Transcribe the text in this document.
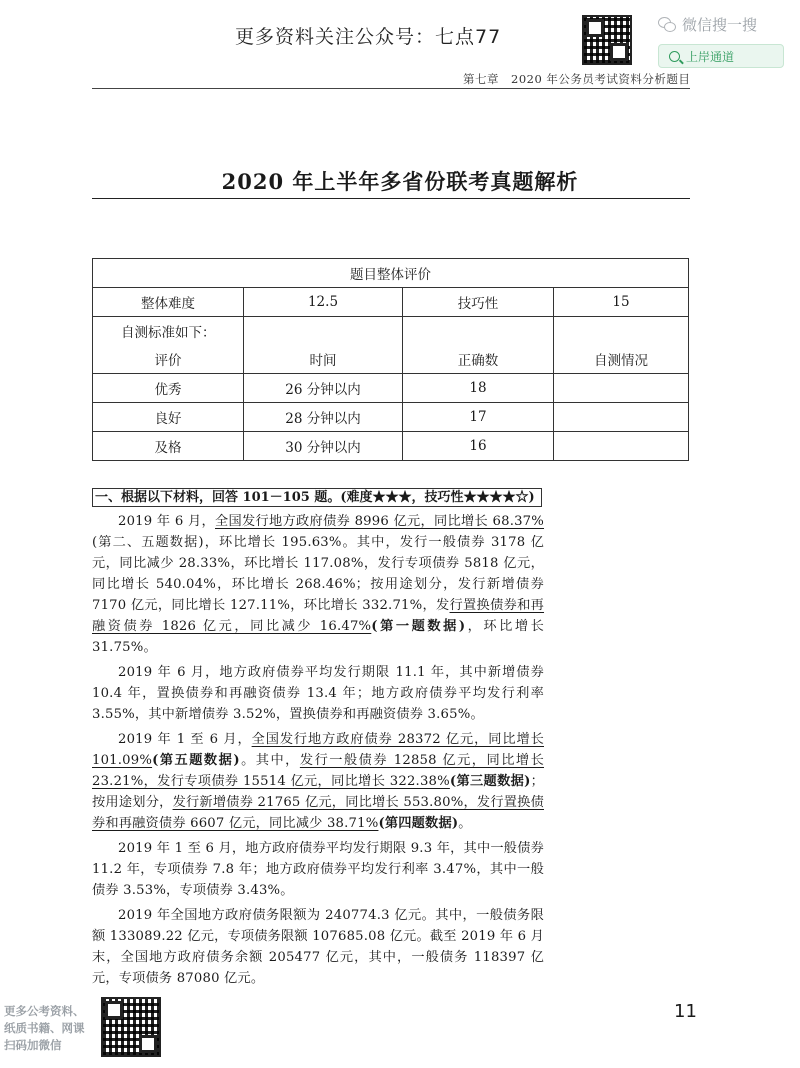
更多资料关注公众号：七点77
微信搜一搜
上岸通道
第七章　2020 年公务员考试资料分析题目
2020 年上半年多省份联考真题解析
题目整体评价			
整体难度	12.5	技巧性	15
自测标准如下：			
评价	时间	正确数	自测情况
优秀	26 分钟以内	18	
良好	28 分钟以内	17	
及格	30 分钟以内	16	
一、根据以下材料，回答 101－105 题。(难度★★★，技巧性★★★★☆)

2019 年 6 月，全国发行地方政府债券 8996 亿元，同比增长 68.37%(第二、五题数据)，环比增长 195.63%。其中，发行一般债券 3178 亿元，同比减少 28.33%，环比增长 117.08%，发行专项债券 5818 亿元，同比增长 540.04%，环比增长 268.46%；按用途划分，发行新增债券 7170 亿元，同比增长 127.11%，环比增长 332.71%，发行置换债券和再融资债券 1826 亿元，同比减少 16.47%(第一题数据)，环比增长 31.75%。

2019 年 6 月，地方政府债券平均发行期限 11.1 年，其中新增债券 10.4 年，置换债券和再融资债券 13.4 年；地方政府债券平均发行利率 3.55%，其中新增债券 3.52%，置换债券和再融资债券 3.65%。

2019 年 1 至 6 月，全国发行地方政府债券 28372 亿元，同比增长 101.09%(第五题数据)。其中，发行一般债券 12858 亿元，同比增长 23.21%，发行专项债券 15514 亿元，同比增长 322.38%(第三题数据)；按用途划分，发行新增债券 21765 亿元，同比增长 553.80%，发行置换债券和再融资债券 6607 亿元，同比减少 38.71%(第四题数据)。

2019 年 1 至 6 月，地方政府债券平均发行期限 9.3 年，其中一般债券 11.2 年，专项债券 7.8 年；地方政府债券平均发行利率 3.47%，其中一般债券 3.53%，专项债券 3.43%。

2019 年全国地方政府债务限额为 240774.3 亿元。其中，一般债务限额 133089.22 亿元，专项债务限额 107685.08 亿元。截至 2019 年 6 月末，全国地方政府债务余额 205477 亿元，其中，一般债务 118397 亿元，专项债务 87080 亿元。

更多公考资料、
纸质书籍、网课
扫码加微信
11
